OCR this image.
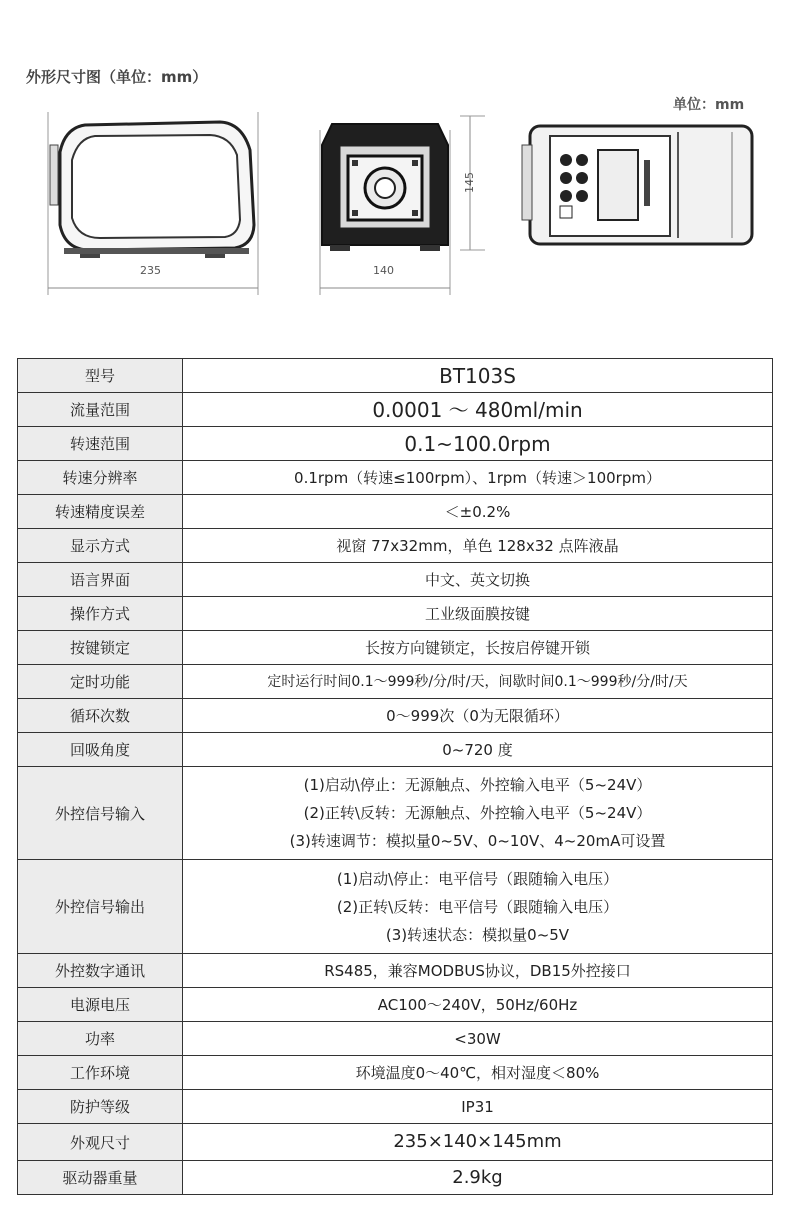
外形尺寸图（单位：mm）
单位：mm
235	140
145
型号	BT103S
流量范围	0.0001 ～ 480ml/min
转速范围	0.1~100.0rpm
转速分辨率	0.1rpm（转速≤100rpm）、1rpm（转速＞100rpm）
转速精度误差	＜±0.2%
显示方式	视窗 77x32mm，单色 128x32 点阵液晶
语言界面	中文、英文切换
操作方式	工业级面膜按键
按键锁定	长按方向键锁定，长按启停键开锁
定时功能	定时运行时间0.1～999秒/分/时/天，间歇时间0.1～999秒/分/时/天
循环次数	0～999次（0为无限循环）
回吸角度	0~720 度
外控信号输入	(1)启动\停止：无源触点、外控输入电平（5~24V）
(2)正转\反转：无源触点、外控输入电平（5~24V）
(3)转速调节：模拟量0~5V、0~10V、4~20mA可设置

外控信号输出	(1)启动\停止：电平信号（跟随输入电压）
(2)正转\反转：电平信号（跟随输入电压）
(3)转速状态：模拟量0~5V

外控数字通讯	RS485，兼容MODBUS协议，DB15外控接口
电源电压	AC100～240V，50Hz/60Hz
功率	<30W
工作环境	环境温度0～40℃，相对湿度＜80%
防护等级	IP31
外观尺寸	235×140×145mm
驱动器重量	2.9kg
